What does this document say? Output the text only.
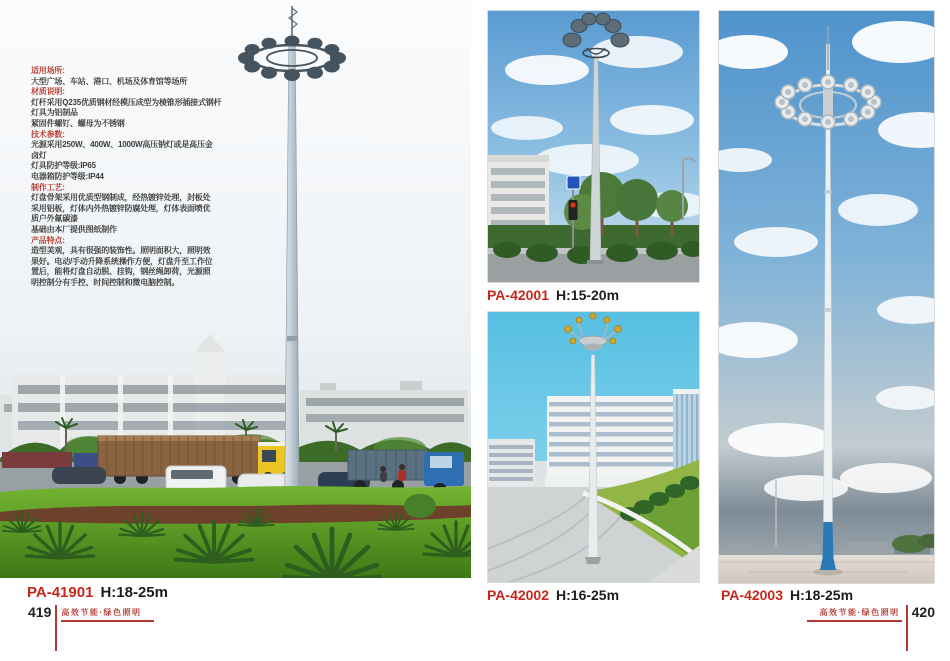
适用场所:
大型广场、车站、港口、机场及体育馆等场所
材质说明:
灯杆采用Q235优质钢材经模压成型为棱锥形插接式钢杆
灯具为铝制品
紧固件螺钉、螺母为不锈钢
技术参数:
光源采用250W、400W、1000W高压钠灯或是高压金
卤灯
灯具防护等级:IP65
电器箱防护等级:IP44
制作工艺:
灯盘骨架采用优质型钢制成，经热镀锌处理，封板处
采用铝板，灯体内外热镀锌防腐处理，灯体表面喷优
质户外氟碳漆
基础由本厂提供图纸制作
产品特点:
造型美观，具有很强的装饰性。照明面积大，照明效
果好。电动/手动升降系统操作方便，灯盘升至工作位
置后，能将灯盘自动脱、挂钩，钢丝绳卸荷，光源照
明控制分有手控、时间控制和微电脑控制。
PA-41901 H:18-25m
419 高效节能·绿色照明
PA-42001 H:15-20m
PA-42002 H:16-25m	PA-42003 H:18-25m
高效节能·绿色照明 420
